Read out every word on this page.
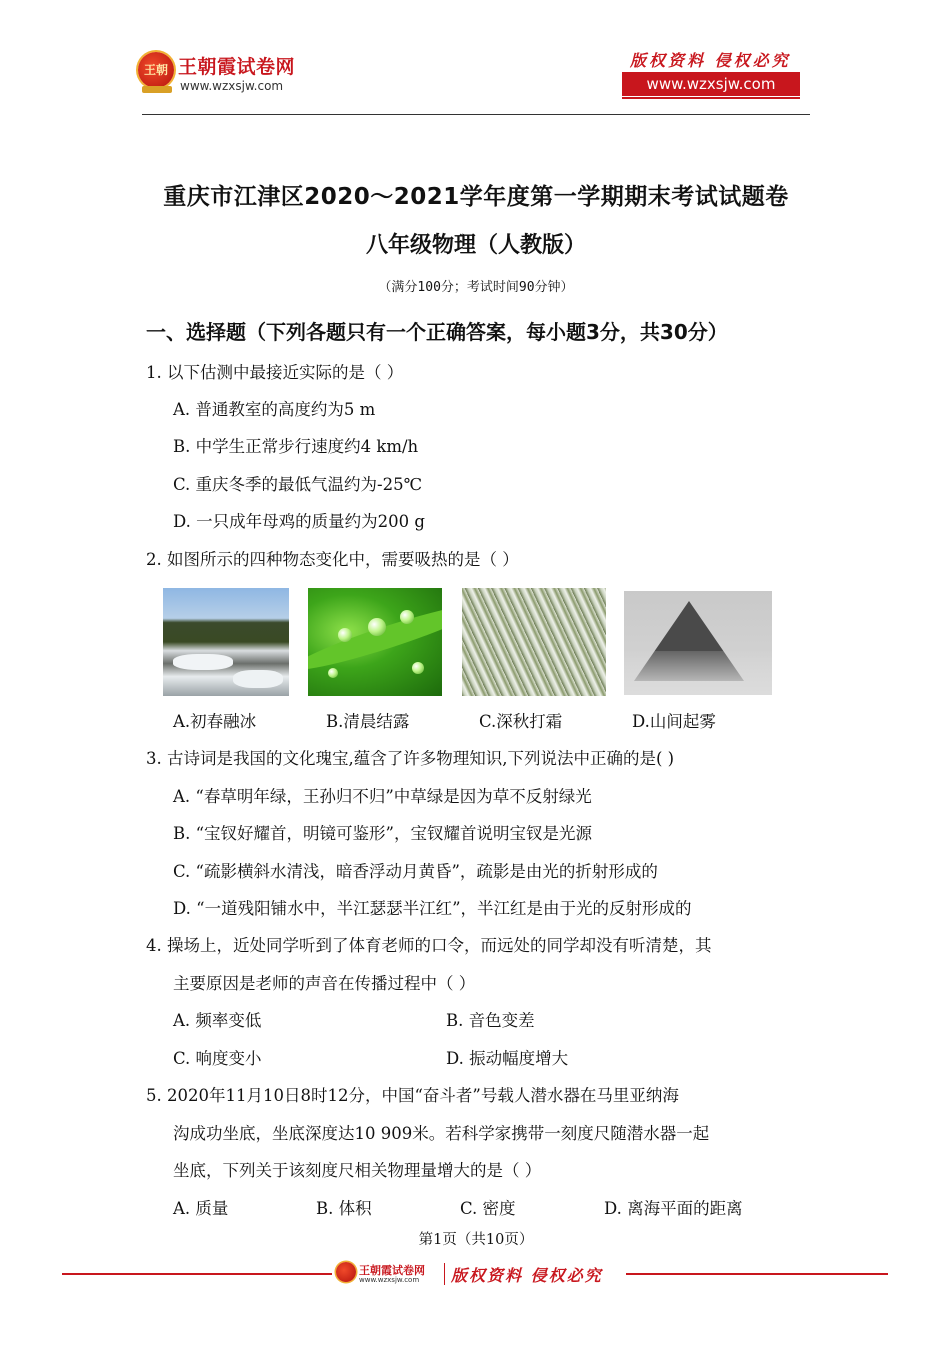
王朝 王朝霞试卷网
www.wzxsjw.com
版权资料 侵权必究
www.wzxsjw.com
重庆市江津区2020～2021学年度第一学期期末考试试题卷
八年级物理（人教版）
（满分100分；考试时间90分钟）
一、选择题（下列各题只有一个正确答案，每小题3分，共30分）
1. 以下估测中最接近实际的是（ ）
A. 普通教室的高度约为5 m
B. 中学生正常步行速度约4 km/h
C. 重庆冬季的最低气温约为-25℃
D. 一只成年母鸡的质量约为200 g
2. 如图所示的四种物态变化中，需要吸热的是（ ）
A.初春融冰	B.清晨结露	C.深秋打霜	D.山间起雾
3. 古诗词是我国的文化瑰宝,蕴含了许多物理知识,下列说法中正确的是( )
A. “春草明年绿，王孙归不归”中草绿是因为草不反射绿光
B. “宝钗好耀首，明镜可鉴形”，宝钗耀首说明宝钗是光源
C. “疏影横斜水清浅，暗香浮动月黄昏”，疏影是由光的折射形成的
D. “一道残阳铺水中，半江瑟瑟半江红”，半江红是由于光的反射形成的
4. 操场上，近处同学听到了体育老师的口令，而远处的同学却没有听清楚，其
主要原因是老师的声音在传播过程中（ ）
A. 频率变低	B. 音色变差
C. 响度变小	D. 振动幅度增大
5. 2020年11月10日8时12分，中国“奋斗者”号载人潜水器在马里亚纳海
沟成功坐底，坐底深度达10 909米。若科学家携带一刻度尺随潜水器一起
坐底，下列关于该刻度尺相关物理量增大的是（ ）
A. 质量	B. 体积	C. 密度	D. 离海平面的距离
第1页（共10页）
王朝霞试卷网
www.wzxsjw.com 版权资料 侵权必究
